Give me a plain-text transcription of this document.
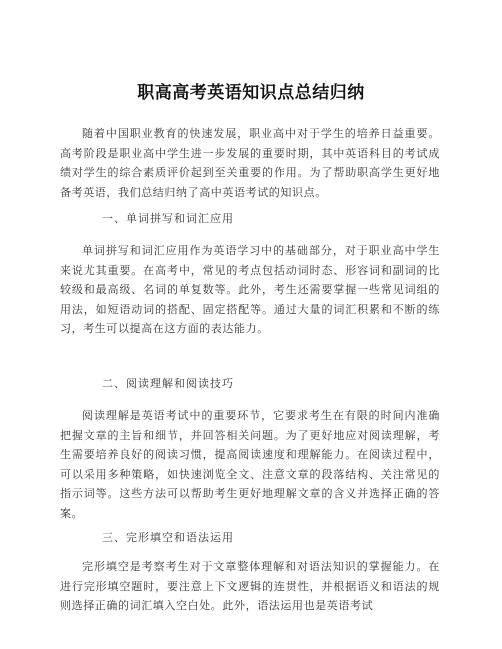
职高高考英语知识点总结归纳

随着中国职业教育的快速发展，职业高中对于学生的培养日益重要。高考阶段是职业高中学生进一步发展的重要时期，其中英语科目的考试成绩对学生的综合素质评价起到至关重要的作用。为了帮助职高学生更好地备考英语，我们总结归纳了高中英语考试的知识点。

一、单词拼写和词汇应用

单词拼写和词汇应用作为英语学习中的基础部分，对于职业高中学生来说尤其重要。在高考中，常见的考点包括动词时态、形容词和副词的比较级和最高级、名词的单复数等。此外，考生还需要掌握一些常见词组的用法，如短语动词的搭配、固定搭配等。通过大量的词汇积累和不断的练习，考生可以提高在这方面的表达能力。

二、阅读理解和阅读技巧

阅读理解是英语考试中的重要环节，它要求考生在有限的时间内准确把握文章的主旨和细节，并回答相关问题。为了更好地应对阅读理解，考生需要培养良好的阅读习惯，提高阅读速度和理解能力。在阅读过程中，可以采用多种策略，如快速浏览全文、注意文章的段落结构、关注常见的指示词等。这些方法可以帮助考生更好地理解文章的含义并选择正确的答案。

三、完形填空和语法运用

完形填空是考察考生对于文章整体理解和对语法知识的掌握能力。在进行完形填空题时，要注意上下文逻辑的连贯性，并根据语义和语法的规则选择正确的词汇填入空白处。此外，语法运用也是英语考试
